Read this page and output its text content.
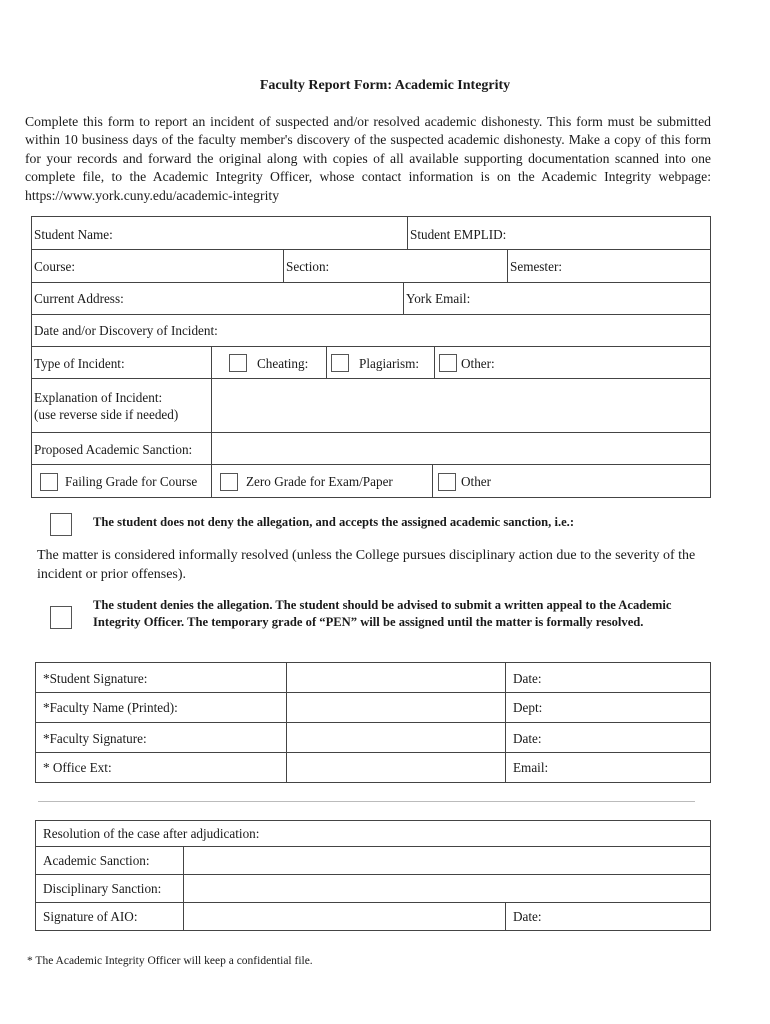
Faculty Report Form: Academic Integrity
Complete this form to report an incident of suspected and/or resolved academic dishonesty. This form must be submitted within 10 business days of the faculty member's discovery of the suspected academic dishonesty. Make a copy of this form for your records and forward the original along with copies of all available supporting documentation scanned into one complete file, to the Academic Integrity Officer, whose contact information is on the Academic Integrity webpage: https://www.york.cuny.edu/academic-integrity
Student Name:	Student EMPLID:
Course:	Section:	Semester:
Current Address:	York Email:
Date and/or Discovery of Incident:
Type of Incident:	Cheating:	Plagiarism:	Other:
Explanation of Incident:
(use reverse side if needed)
Proposed Academic Sanction:
Failing Grade for Course	Zero Grade for Exam/Paper	Other
The student does not deny the allegation, and accepts the assigned academic sanction, i.e.:
The matter is considered informally resolved (unless the College pursues disciplinary action due to the severity of the incident or prior offenses).
The student denies the allegation. The student should be advised to submit a written appeal to the Academic Integrity Officer. The temporary grade of “PEN” will be assigned until the matter is formally resolved.
*Student Signature:	Date:
*Faculty Name (Printed):	Dept:
*Faculty Signature:	Date:
* Office Ext:	Email:
Resolution of the case after adjudication:
Academic Sanction:
Disciplinary Sanction:
Signature of AIO:	Date:
* The Academic Integrity Officer will keep a confidential file.
